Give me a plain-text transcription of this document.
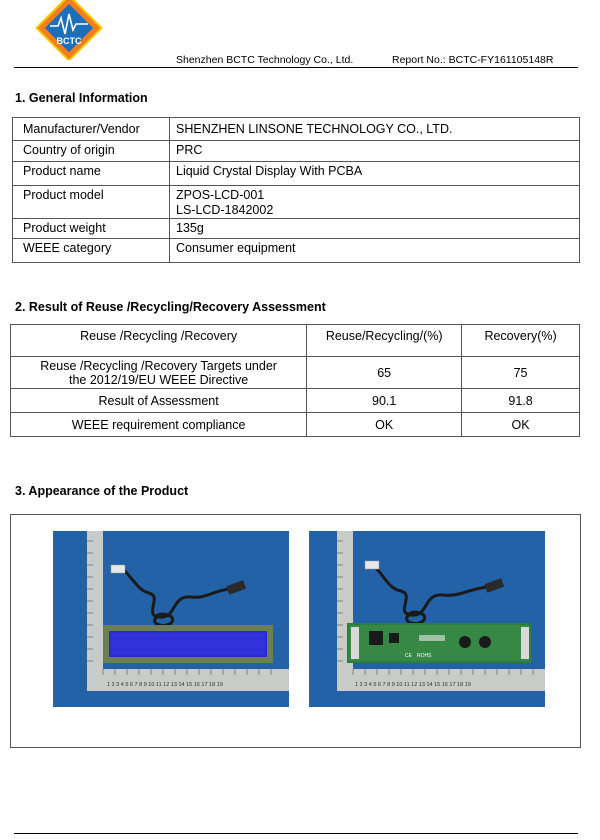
BCTC
Shenzhen BCTC Technology Co., Ltd.	Report No.: BCTC-FY161105148R
1. General Information
Manufacturer/Vendor	SHENZHEN LINSONE TECHNOLOGY CO., LTD.
Country of origin	PRC
Product name	Liquid Crystal Display With PCBA
Product model	ZPOS-LCD-001
LS-LCD-1842002

Product weight	135g
WEEE category	Consumer equipment
2. Result of Reuse /Recycling/Recovery Assessment
Reuse /Recycling /Recovery	Reuse/Recycling/(%)	Recovery(%)

Reuse /Recycling /Recovery Targets under
the 2012/19/EU WEEE Directive	65	75
Result of Assessment	90.1	91.8
WEEE requirement compliance	OK	OK
3. Appearance of the Product
1 2 3 4 5 6 7 8 9 10 11 12 13 14 15 16 17 18 19	1 2 3 4 5 6 7 8 9 10 11 12 13 14 15 16 17 18 19
CE ROHS
